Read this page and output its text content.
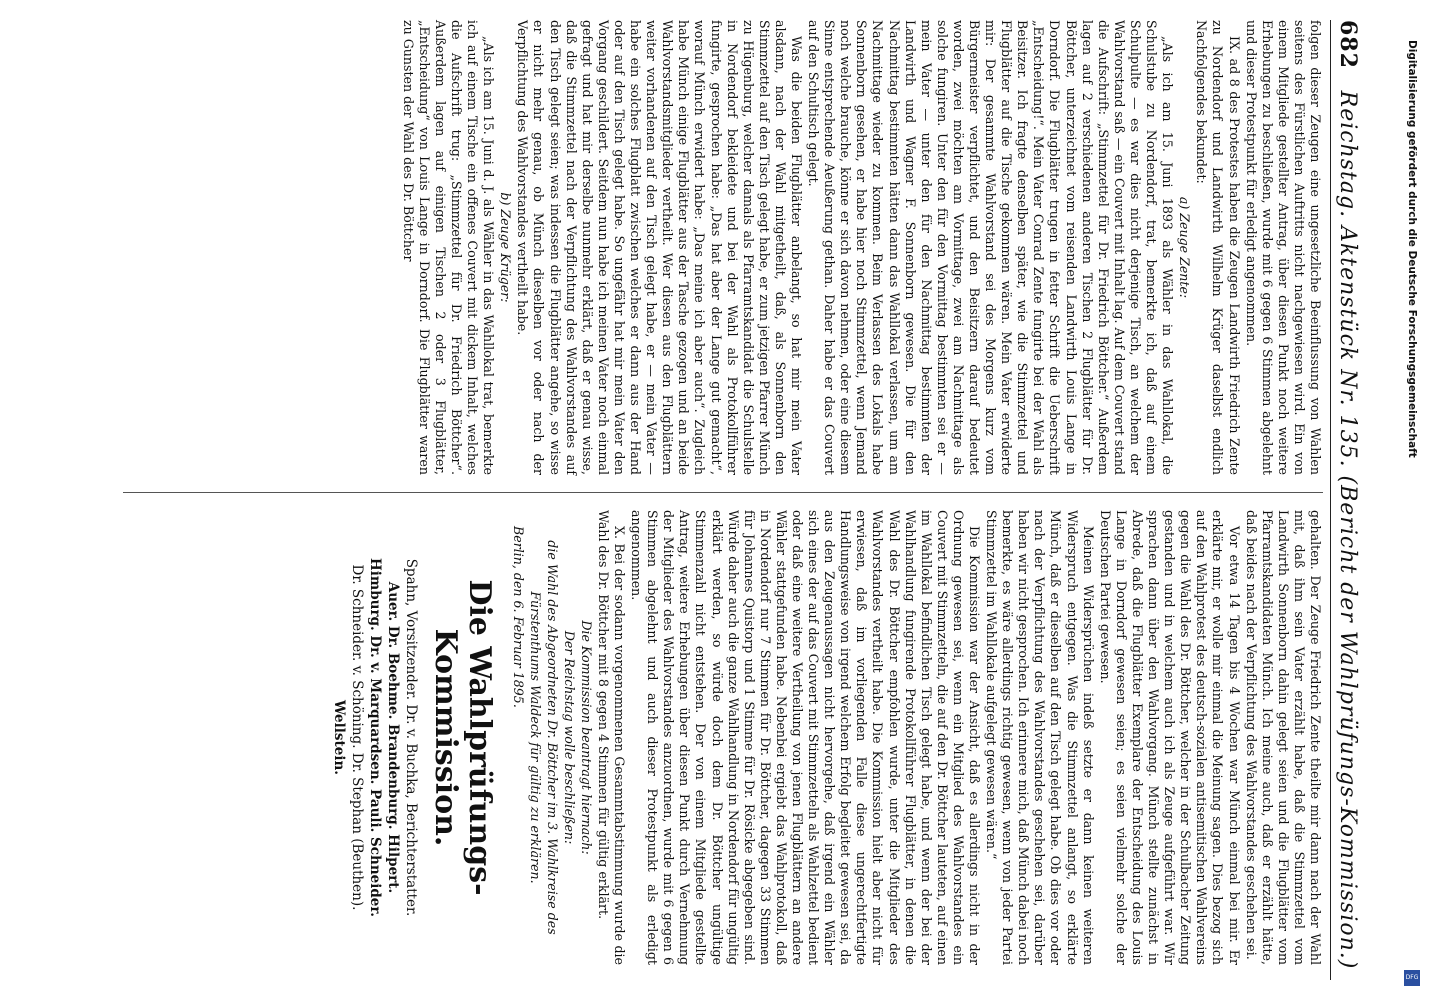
682
Reichstag. Aktenstück Nr. 135. (Bericht der Wahlprüfungs-Kommission.)

folgen dieser Zeugen eine ungesetzliche Beeinflussung von Wahlen seitens des Fürstlichen Auftritts nicht nachgewiesen wird. Ein von einem Mitgliede gestellter Antrag, über diesen Punkt noch weitere Erhebungen zu beschließen, wurde mit 6 gegen 6 Stimmen abgelehnt und dieser Protestpunkt für erledigt angenommen.

IX. ad 8 des Protestes haben die Zeugen Landwirth Friedrich Zente zu Nordendorf und Landwirth Wilhelm Krüger daselbst endlich Nachfolgendes bekundet:

a) Zeuge Zente:

„Als ich am 15. Juni 1893 als Wähler in das Wahllokal, die Schulstube zu Nordendorf, trat, bemerkte ich, daß auf einem Schulpulte — es war dies nicht derjenige Tisch, an welchem der Wahlvorstand saß — ein Couvert mit Inhalt lag. Auf dem Couvert stand die Aufschrift: „Stimmzettel für Dr. Friedrich Böttcher.“ Außerdem lagen auf 2 verschiedenen anderen Tischen 2 Flugblätter für Dr. Böttcher, unterzeichnet vom reisenden Landwirth Louis Lange in Dorndorf. Die Flugblätter trugen in fetter Schrift die Ueberschrift „Entscheidung!“. Mein Vater Conrad Zente fungirte bei der Wahl als Beisitzer. Ich fragte denselben später, wie die Stimmzettel und Flugblätter auf die Tische gekommen wären. Mein Vater erwiderte mir: Der gesammte Wahlvorstand sei des Morgens kurz vom Bürgermeister verpflichtet, und den Beisitzern darauf bedeutet worden, zwei möchten am Vormittage, zwei am Nachmittage als solche fungiren. Unter den für den Vormittag bestimmten sei er — mein Vater — unter den für den Nachmittag bestimmten der Landwirth und Wagner F. Sonnenborn gewesen. Die für den Nachmittag bestimmten hätten dann das Wahllokal verlassen, um am Nachmittage wieder zu kommen. Beim Verlassen des Lokals habe Sonnenborn gesehen, er habe hier noch Stimmzettel, wenn Jemand noch welche brauche, könne er sich davon nehmen, oder eine diesem Sinne entsprechende Aeußerung gethan. Daher habe er das Couvert auf den Schultisch gelegt.

Was die beiden Flugblätter anbelangt, so hat mir mein Vater alsdann, nach der Wahl mitgetheilt, daß, als Sonnenborn den Stimmzettel auf den Tisch gelegt habe, er zum jetzigen Pfarrer Münch zu Hügenburg, welcher damals als Pfarramtskandidat die Schulstelle in Nordendorf bekleidete und bei der Wahl als Protokollführer fungirte, gesprochen habe: „Das hat aber der Lange gut gemacht“, worauf Münch erwidert habe: „Das meine ich aber auch“. Zugleich habe Münch einige Flugblätter aus der Tasche gezogen und an beide Wahlvorstandsmitglieder vertheilt. Wer diesen aus den Flugblättern weiter vorhandenen auf den Tisch gelegt habe, er — mein Vater — habe ein solches Flugblatt zwischen welches er dann aus der Hand oder auf den Tisch gelegt habe. So ungefähr hat mir mein Vater den Vorgang geschildert. Seitdem nun habe ich meinen Vater noch einmal gefragt und hat mir derselbe nunmehr erklärt, daß er genau wisse, daß die Stimmzettel nach der Verpflichtung des Wahlvorstandes auf den Tisch gelegt seien; was indessen die Flugblätter angehe, so wisse er nicht mehr genau, ob Münch dieselben vor oder nach der Verpflichtung des Wahlvorstandes vertheilt habe.

b) Zeuge Krüger:

„Als ich am 15. Juni d. J. als Wähler in das Wahllokal trat, bemerkte ich auf einem Tische ein offenes Couvert mit dickem Inhalt, welches die Aufschrift trug: „Stimmzettel für Dr. Friedrich Böttcher“. Außerdem lagen auf einigen Tischen 2 oder 3 Flugblätter, „Entscheidung“ von Louis Lange in Dorndorf. Die Flugblätter waren zu Gunsten der Wahl des Dr. Böttcher

gehalten. Der Zeuge Friedrich Zente theilte mir dann nach der Wahl mit, daß ihm sein Vater erzählt habe, daß die Stimmzettel vom Landwirth Sonnenborn dahin gelegt seien und die Flugblätter vom Pfarramtskandidaten Münch. Ich meine auch, daß er erzählt hätte, daß beides nach der Verpflichtung des Wahlvorstandes geschehen sei.

Vor etwa 14 Tagen bis 4 Wochen war Münch einmal bei mir. Er erklärte mir, er wolle mir einmal die Meinung sagen. Dies bezog sich auf den Wahlprotest des deutsch-sozialen antisemitischen Wahlvereins gegen die Wahl des Dr. Böttcher, welcher in der Schulbacher Zeitung gestanden und in welchem auch ich als Zeuge aufgeführt war. Wir sprachen dann über den Wahlvorgang. Münch stellte zunächst in Abrede, daß die Flugblätter Exemplare der Entscheidung des Louis Lange in Dorndorf gewesen seien; es seien vielmehr solche der Deutschen Partei gewesen.

Meinen Widersprüchen indeß setzte er dann keinen weiteren Widerspruch entgegen. Was die Stimmzettel anlangt, so erklärte Münch, daß er dieselben auf den Tisch gelegt habe. Ob dies vor oder nach der Verpflichtung des Wahlvorstandes geschehen sei, darüber haben wir nicht gesprochen. Ich erinnere mich, daß Münch dabei noch bemerkte, es wäre allerdings richtig gewesen, wenn von jeder Partei Stimmzettel im Wahllokale aufgelegt gewesen wären.“

Die Kommission war der Ansicht, daß es allerdings nicht in der Ordnung gewesen sei, wenn ein Mitglied des Wahlvorstandes ein Couvert mit Stimmzetteln, die auf den Dr. Böttcher lauteten, auf einen im Wahllokal befindlichen Tisch gelegt habe, und wenn der bei der Wahlhandlung fungirende Protokollführer Flugblätter, in denen die Wahl des Dr. Böttcher empfohlen wurde, unter die Mitglieder des Wahlvorstandes vertheilt habe. Die Kommission hielt aber nicht für erwiesen, daß im vorliegenden Falle diese ungerechtfertigte Handlungsweise von irgend welchem Erfolg begleitet gewesen sei, da aus den Zeugenaussagen nicht hervorgehe, daß irgend ein Wähler sich eines der auf das Couvert mit Stimmzetteln als Wahlzettel bedient oder daß eine weitere Vertheilung von jenen Flugblättern an andere Wähler stattgefunden habe. Nebenbei ergiebt das Wahlprotokoll, daß in Nordendorf nur 7 Stimmen für Dr. Böttcher, dagegen 33 Stimmen für Johannes Quistorp und 1 Stimme für Dr. Rösicke abgegeben sind. Würde daher auch die ganze Wahlhandlung in Nordendorf für ungültig erklärt werden, so würde doch dem Dr. Böttcher ungültige Stimmenzahl nicht entstehen. Der von einem Mitgliede gestellte Antrag, weitere Erhebungen über diesen Punkt durch Vernehmung der Mitglieder des Wahlvorstandes anzuordnen, wurde mit 6 gegen 6 Stimmen abgelehnt und auch dieser Protestpunkt als erledigt angenommen.

X. Bei der sodann vorgenommenen Gesammtabstimmung wurde die Wahl des Dr. Böttcher mit 8 gegen 4 Stimmen für gültig erklärt.

Die Kommission beantragt hiernach:

Der Reichstag wolle beschließen:

die Wahl des Abgeordneten Dr. Böttcher im 3. Wahlkreise des Fürstenthums Waldeck für gültig zu erklären.

Berlin, den 6. Februar 1895.

Die Wahlprüfungs-Kommission.
Spahn, Vorsitzender. Dr. v. Buchka, Berichterstatter.
Auer. Dr. Boehme. Brandenburg. Hilpert.
Himburg. Dr. v. Marquardsen. Pauli. Schneider.
Dr. Schneider. v. Schöning. Dr. Stephan (Beuthen).
Wellstein.
Digitalisierung gefördert durch die Deutsche Forschungsgemeinschaft
DFG
